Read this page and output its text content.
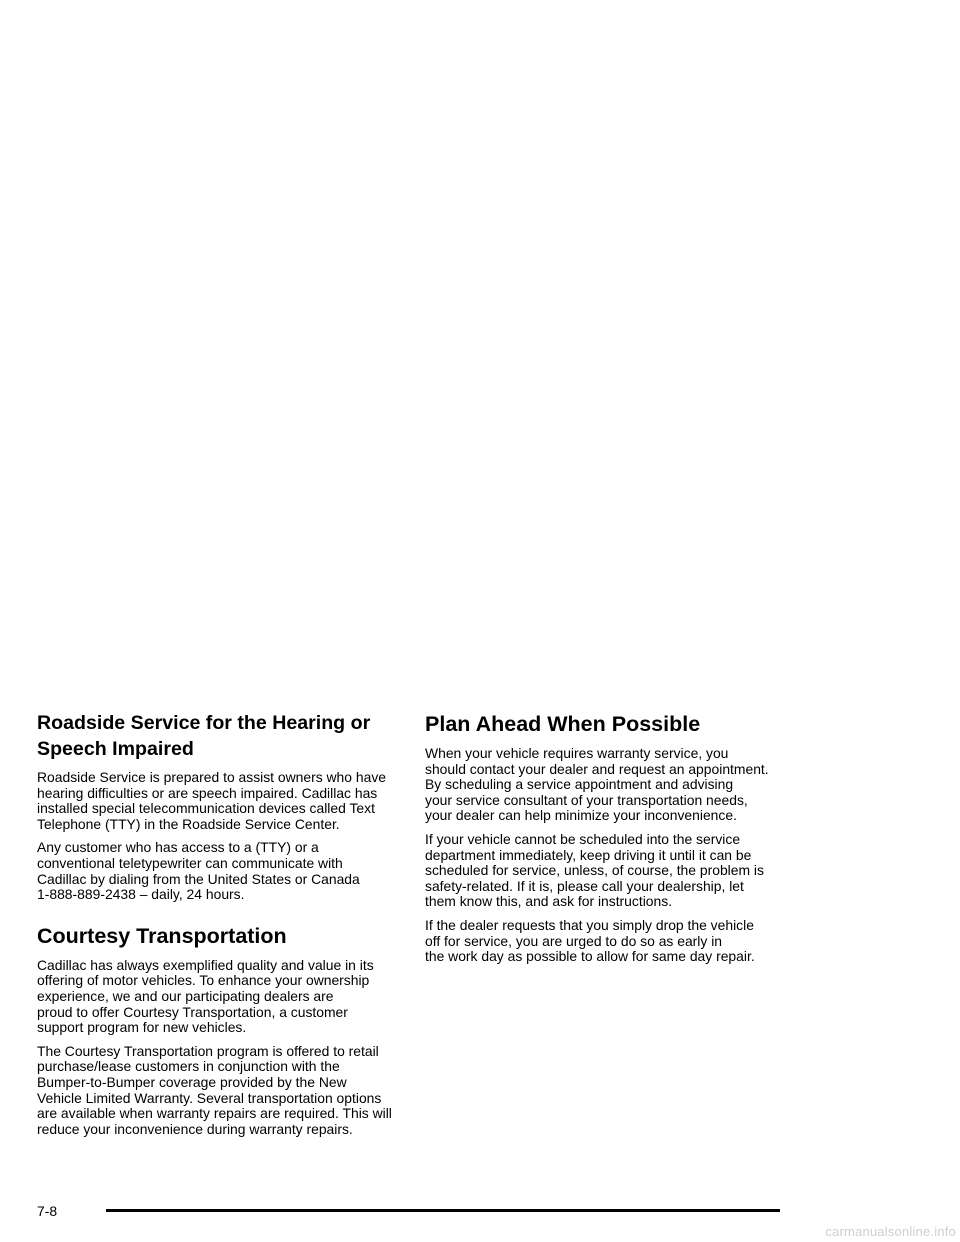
Roadside Service for the Hearing or
Speech Impaired

Roadside Service is prepared to assist owners who have
hearing difficulties or are speech impaired. Cadillac has
installed special telecommunication devices called Text
Telephone (TTY) in the Roadside Service Center.

Any customer who has access to a (TTY) or a
conventional teletypewriter can communicate with
Cadillac by dialing from the United States or Canada
1-888-889-2438 – daily, 24 hours.

Courtesy Transportation

Cadillac has always exemplified quality and value in its
offering of motor vehicles. To enhance your ownership
experience, we and our participating dealers are
proud to offer Courtesy Transportation, a customer
support program for new vehicles.

The Courtesy Transportation program is offered to retail
purchase/lease customers in conjunction with the
Bumper-to-Bumper coverage provided by the New
Vehicle Limited Warranty. Several transportation options
are available when warranty repairs are required. This will
reduce your inconvenience during warranty repairs.

Plan Ahead When Possible

When your vehicle requires warranty service, you
should contact your dealer and request an appointment.
By scheduling a service appointment and advising
your service consultant of your transportation needs,
your dealer can help minimize your inconvenience.

If your vehicle cannot be scheduled into the service
department immediately, keep driving it until it can be
scheduled for service, unless, of course, the problem is
safety-related. If it is, please call your dealership, let
them know this, and ask for instructions.

If the dealer requests that you simply drop the vehicle
off for service, you are urged to do so as early in
the work day as possible to allow for same day repair.

7-8
carmanualsonline.info
